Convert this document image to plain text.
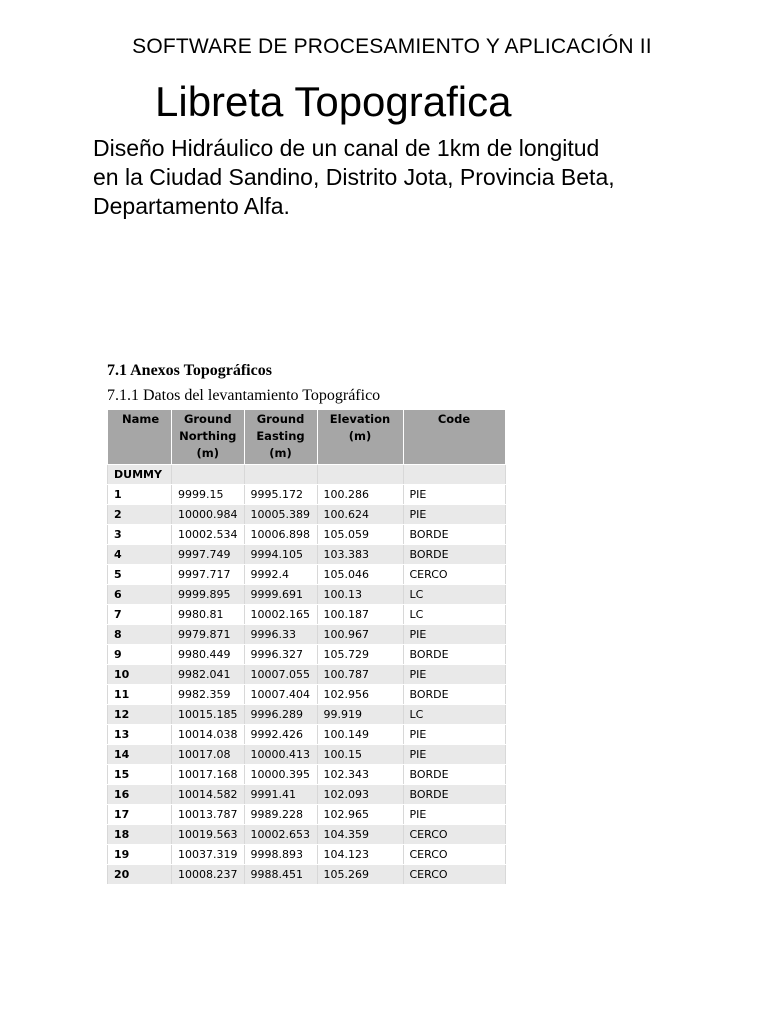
SOFTWARE DE PROCESAMIENTO Y APLICACIÓN II
Libreta Topografica
Diseño Hidráulico de un canal de 1km de longitud
en la Ciudad Sandino, Distrito Jota, Provincia Beta,
Departamento Alfa.
7.1 Anexos Topográficos
7.1.1 Datos del levantamiento Topográfico
Name	Ground Northing (m)	Ground Easting (m)	Elevation (m)	Code
DUMMY				
1	9999.15	9995.172	100.286	PIE
2	10000.984	10005.389	100.624	PIE
3	10002.534	10006.898	105.059	BORDE
4	9997.749	9994.105	103.383	BORDE
5	9997.717	9992.4	105.046	CERCO
6	9999.895	9999.691	100.13	LC
7	9980.81	10002.165	100.187	LC
8	9979.871	9996.33	100.967	PIE
9	9980.449	9996.327	105.729	BORDE
10	9982.041	10007.055	100.787	PIE
11	9982.359	10007.404	102.956	BORDE
12	10015.185	9996.289	99.919	LC
13	10014.038	9992.426	100.149	PIE
14	10017.08	10000.413	100.15	PIE
15	10017.168	10000.395	102.343	BORDE
16	10014.582	9991.41	102.093	BORDE
17	10013.787	9989.228	102.965	PIE
18	10019.563	10002.653	104.359	CERCO
19	10037.319	9998.893	104.123	CERCO
20	10008.237	9988.451	105.269	CERCO
